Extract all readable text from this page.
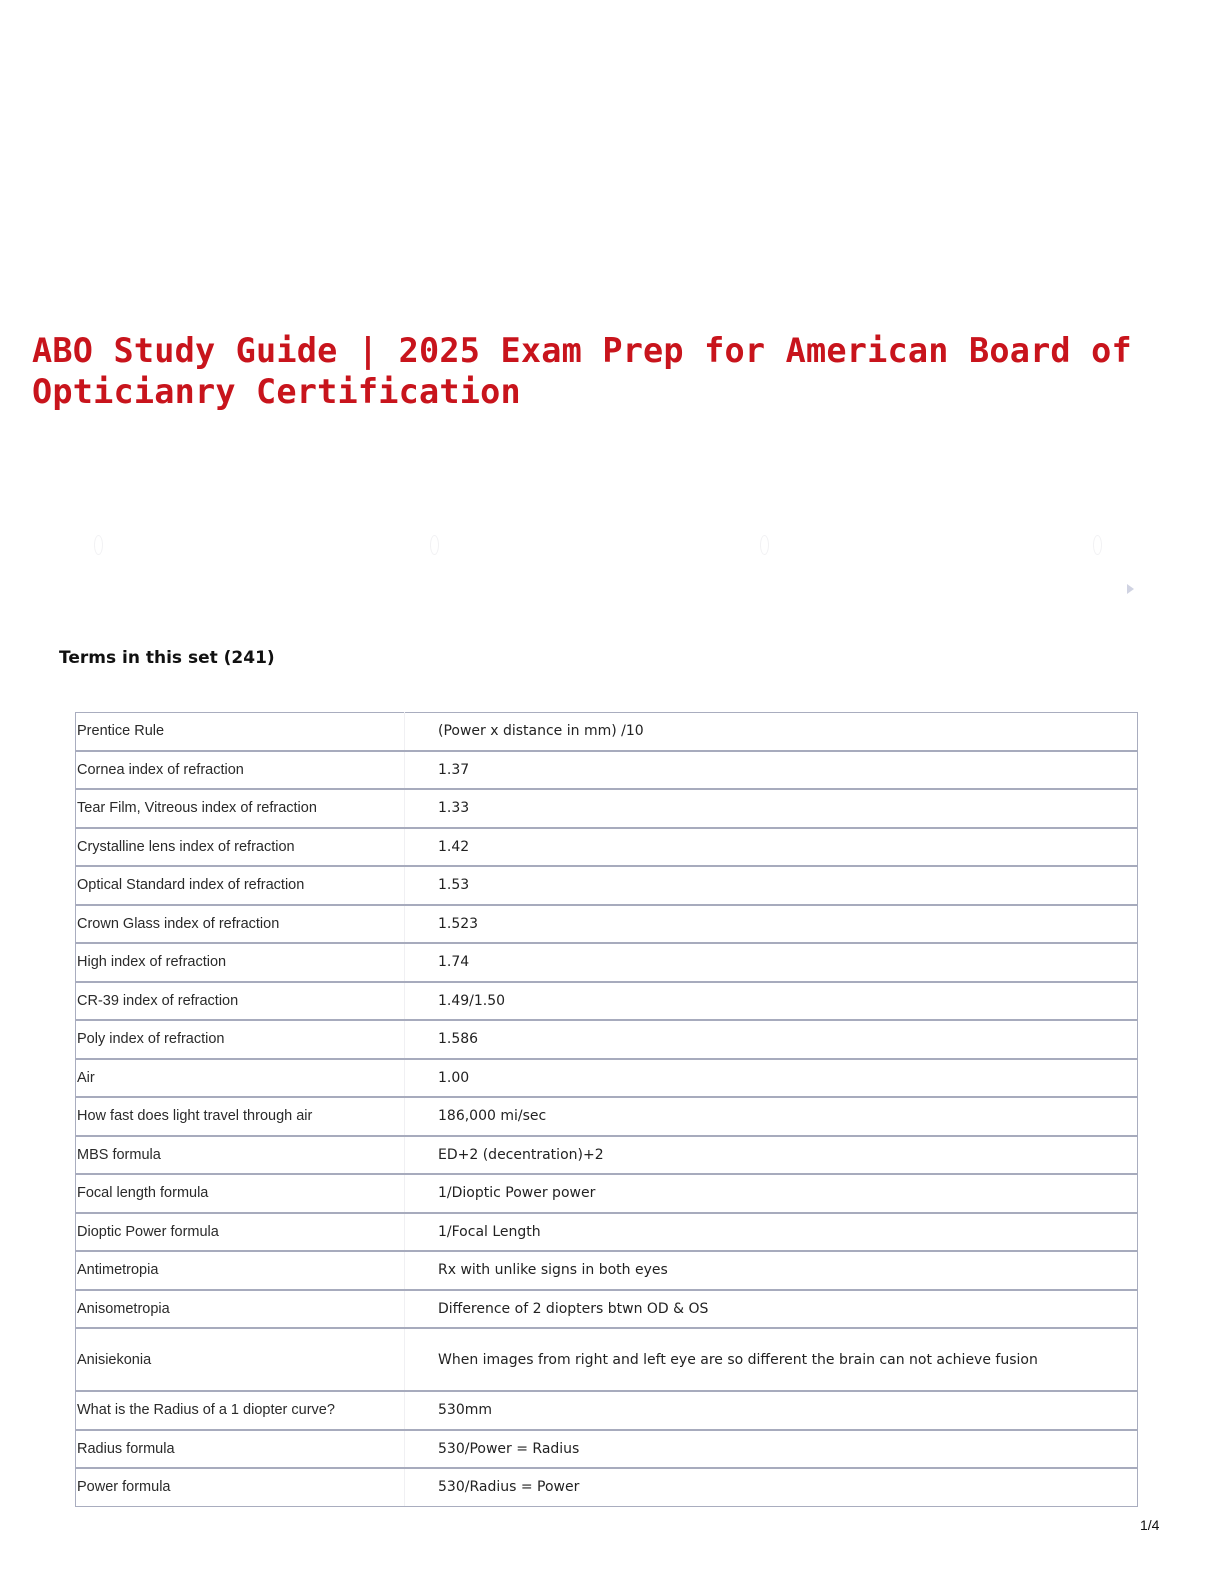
ABO Study Guide | 2025 Exam Prep for American Board of Opticianry Certification
Terms in this set (241)
Prentice Rule	(Power x distance in mm) /10
Cornea index of refraction	1.37
Tear Film, Vitreous index of refraction	1.33
Crystalline lens index of refraction	1.42
Optical Standard index of refraction	1.53
Crown Glass index of refraction	1.523
High index of refraction	1.74
CR-39 index of refraction	1.49/1.50
Poly index of refraction	1.586
Air	1.00
How fast does light travel through air	186,000 mi/sec
MBS formula	ED+2 (decentration)+2
Focal length formula	1/Dioptic Power power
Dioptic Power formula	1/Focal Length
Antimetropia	Rx with unlike signs in both eyes
Anisometropia	Difference of 2 diopters btwn OD & OS
Anisiekonia	When images from right and left eye are so different the brain can not achieve fusion
What is the Radius of a 1 diopter curve?	530mm
Radius formula	530/Power = Radius
Power formula	530/Radius = Power
1/4
